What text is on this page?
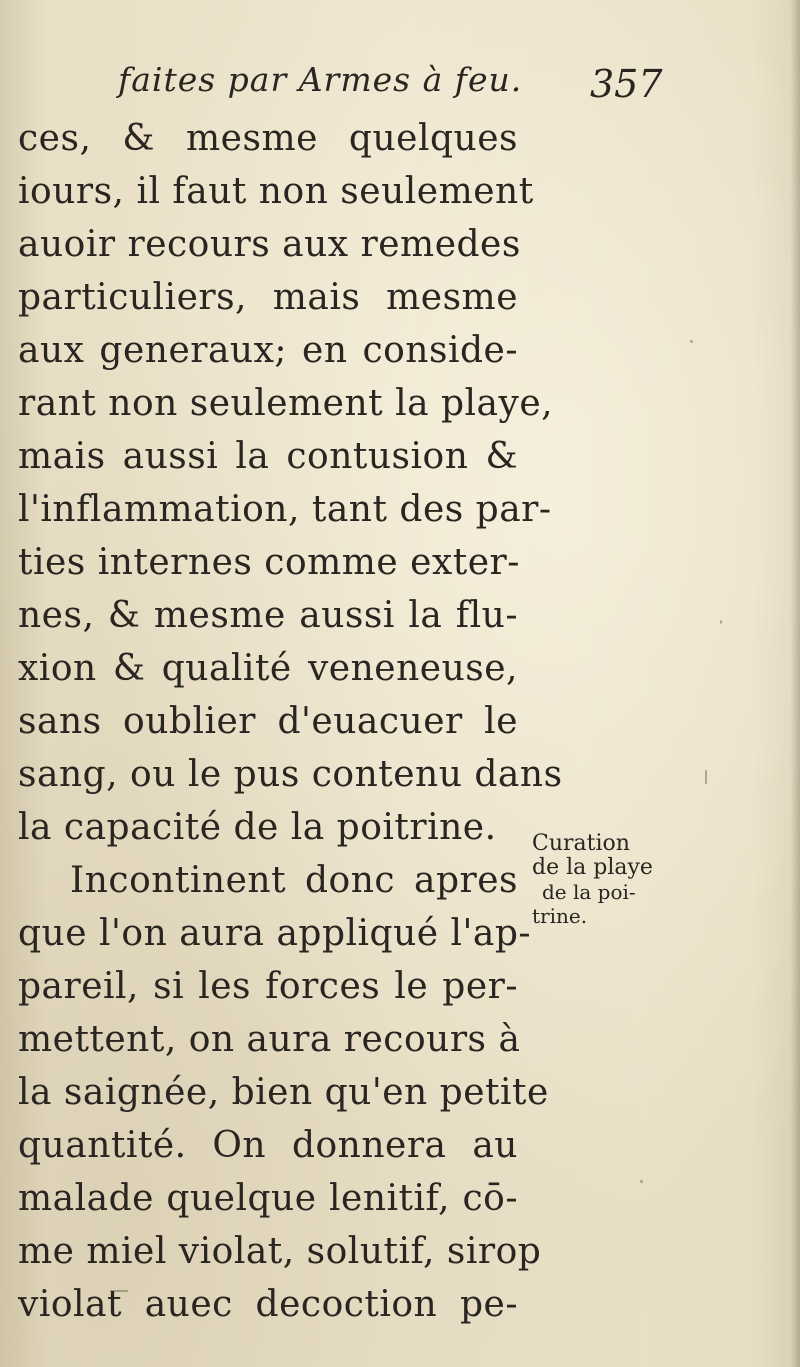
faites par Armes à feu. 357
ces, & mesme quelques
iours, il faut non seulement
auoir recours aux remedes
particuliers, mais mesme
aux generaux; en conside-
rant non seulement la playe,
mais aussi la contusion &
l'inflammation, tant des par-
ties internes comme exter-
nes, & mesme aussi la flu-
xion & qualité veneneuse,
sans oublier d'euacuer le
sang, ou le pus contenu dans
la capacité de la poitrine.
Incontinent donc apres
que l'on aura appliqué l'ap-
pareil, si les forces le per-
mettent, on aura recours à
la saignée, bien qu'en petite
quantité. On donnera au
malade quelque lenitif, cō-
me miel violat, solutif, sirop
violat auec decoction pe-
Curation
de la playe
de la poi-
trine.
